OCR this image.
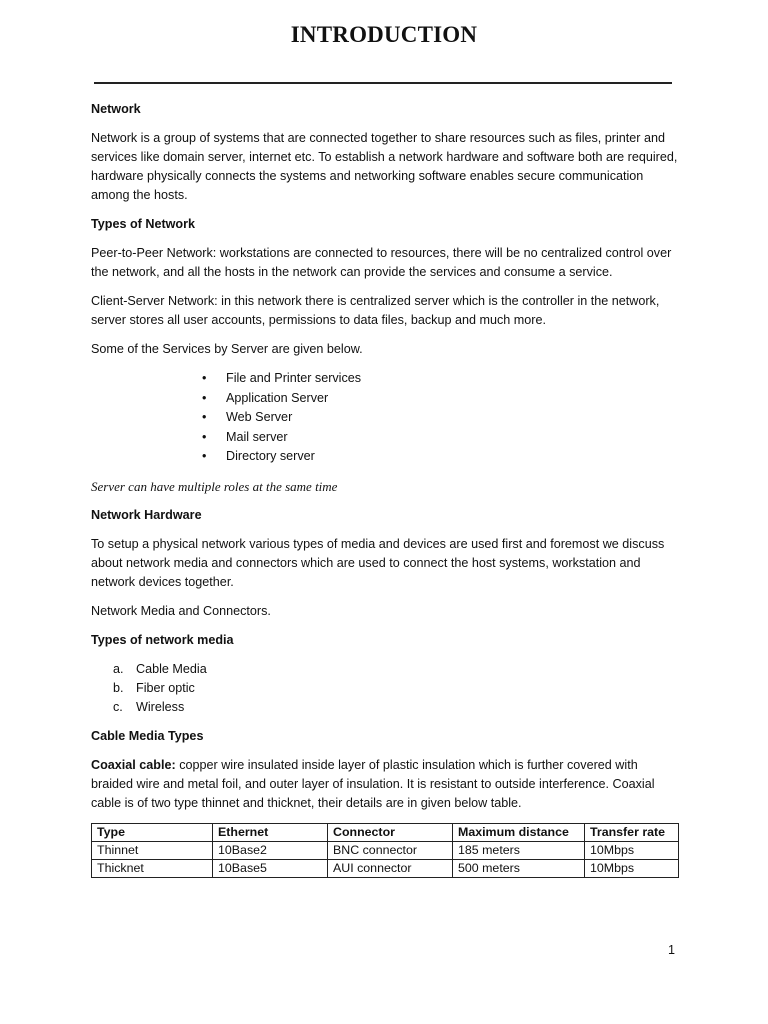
INTRODUCTION
Network

Network is a group of systems that are connected together to share resources such as files, printer and services like domain server, internet etc. To establish a network hardware and software both are required, hardware physically connects the systems and networking software enables secure communication among the hosts.

Types of Network

Peer-to-Peer Network: workstations are connected to resources, there will be no centralized control over the network, and all the hosts in the network can provide the services and consume a service.

Client-Server Network: in this network there is centralized server which is the controller in the network, server stores all user accounts, permissions to data files, backup and much more.

Some of the Services by Server are given below.

• File and Printer services
• Application Server
• Web Server
• Mail server
• Directory server

Server can have multiple roles at the same time

Network Hardware

To setup a physical network various types of media and devices are used first and foremost we discuss about network media and connectors which are used to connect the host systems, workstation and network devices together.

Network Media and Connectors.

Types of network media
a. Cable Media
b. Fiber optic
c. Wireless
Cable Media Types

Coaxial cable: copper wire insulated inside layer of plastic insulation which is further covered with braided wire and metal foil, and outer layer of insulation. It is resistant to outside interference. Coaxial cable is of two type thinnet and thicknet, their details are in given below table.

Type	Ethernet	Connector	Maximum distance	Transfer rate
Thinnet	10Base2	BNC connector	185 meters	10Mbps
Thicknet	10Base5	AUI connector	500 meters	10Mbps
1
